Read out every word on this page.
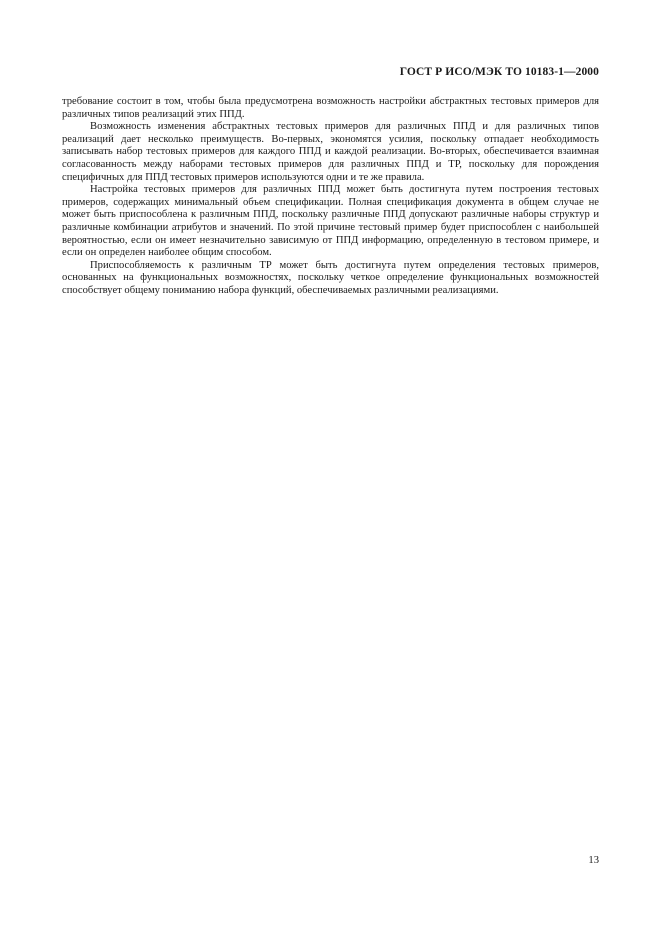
ГОСТ Р ИСО/МЭК ТО 10183-1—2000

требование состоит в том, чтобы была предусмотрена возможность настройки абстрактных тестовых примеров для различных типов реализаций этих ППД.

Возможность изменения абстрактных тестовых примеров для различных ППД и для различных типов реализаций дает несколько преимуществ. Во-первых, экономятся усилия, поскольку отпадает необходимость записывать набор тестовых примеров для каждого ППД и каждой реализации. Во-вторых, обеспечивается взаимная согласованность между наборами тестовых примеров для различных ППД и ТР, поскольку для порождения специфичных для ППД тестовых примеров используются одни и те же правила.

Настройка тестовых примеров для различных ППД может быть достигнута путем построения тестовых примеров, содержащих минимальный объем спецификации. Полная спецификация документа в общем случае не может быть приспособлена к различным ППД, поскольку различные ППД допускают различные наборы структур и различные комбинации атрибутов и значений. По этой причине тестовый пример будет приспособлен с наибольшей вероятностью, если он имеет незначительно зависимую от ППД информацию, определенную в тестовом примере, и если он определен наиболее общим способом.

Приспособляемость к различным ТР может быть достигнута путем определения тестовых примеров, основанных на функциональных возможностях, поскольку четкое определение функциональных возможностей способствует общему пониманию набора функций, обеспечиваемых различными реализациями.

13
